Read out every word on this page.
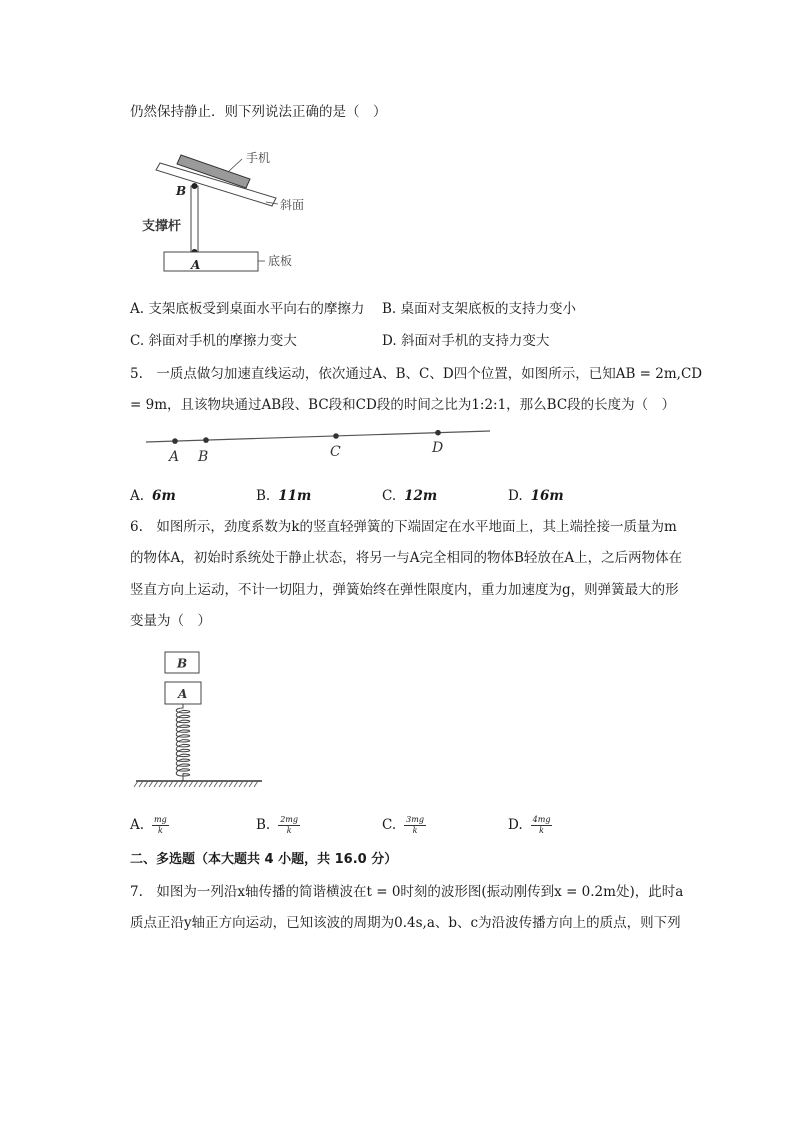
仍然保持静止．则下列说法正确的是（　）
手机
斜面
B
支撑杆
A	底板
A. 支架底板受到桌面水平向右的摩擦力 B. 桌面对支架底板的支持力变小
C. 斜面对手机的摩擦力变大	D. 斜面对手机的支持力变大
5.　一质点做匀加速直线运动，依次通过A、B、C、D四个位置，如图所示，已知AB = 2m,CD
= 9m，且该物块通过AB段、BC段和CD段的时间之比为1:2:1，那么BC段的长度为（　）
A B	C	D
A. 6m	B. 11m	C. 12m	D. 16m
6.　如图所示，劲度系数为k的竖直轻弹簧的下端固定在水平地面上，其上端拴接一质量为m
的物体A，初始时系统处于静止状态，将另一与A完全相同的物体B轻放在A上，之后两物体在
竖直方向上运动，不计一切阻力，弹簧始终在弹性限度内，重力加速度为g，则弹簧最大的形
变量为（　）
B
A
A. $\frac{mg}{k}$	B. $\frac{2mg}{k}$	C. $\frac{3mg}{k}$	D. $\frac{4mg}{k}$
二、多选题（本大题共 4 小题，共 16.0 分）
7.　如图为一列沿x轴传播的简谐横波在t = 0时刻的波形图(振动刚传到x = 0.2m处)，此时a
质点正沿y轴正方向运动，已知该波的周期为0.4s,a、b、c为沿波传播方向上的质点，则下列
